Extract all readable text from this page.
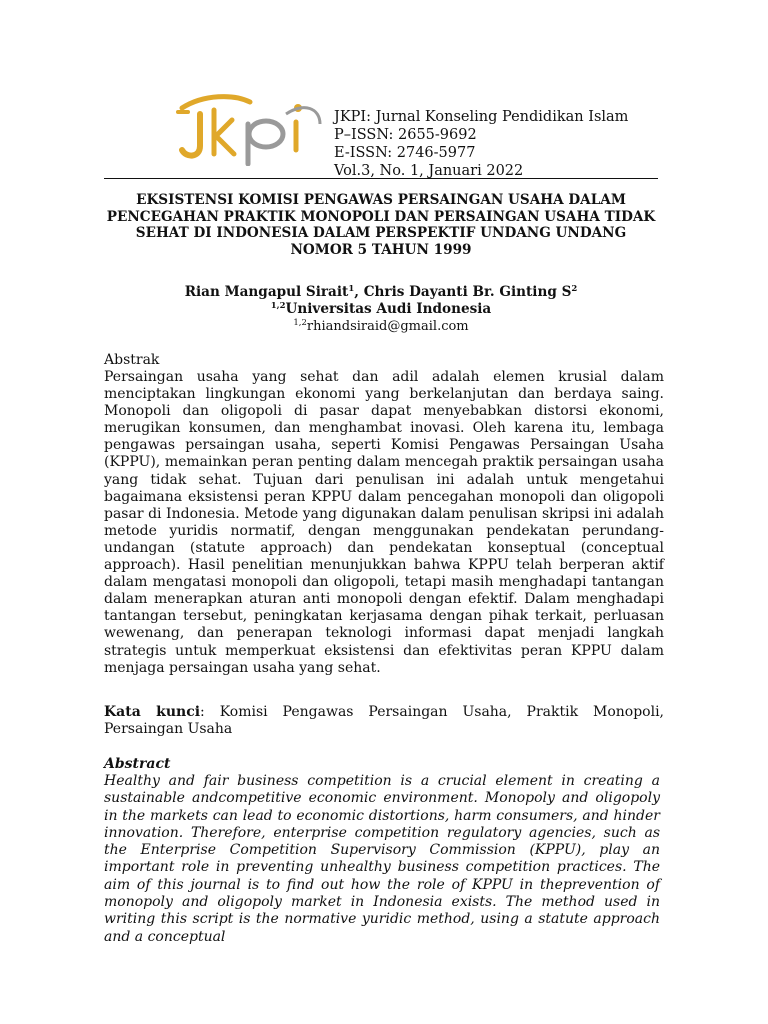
JKPI: Jurnal Konseling Pendidikan Islam
P–ISSN: 2655-9692
E-ISSN: 2746-5977
Vol.3, No. 1, Januari 2022
EKSISTENSI KOMISI PENGAWAS PERSAINGAN USAHA DALAM PENCEGAHAN PRAKTIK MONOPOLI DAN PERSAINGAN USAHA TIDAK SEHAT DI INDONESIA DALAM PERSPEKTIF UNDANG UNDANG NOMOR 5 TAHUN 1999
Rian Mangapul Sirait$^1$, Chris Dayanti Br. Ginting $S^2$
$^{1,2}$Universitas Audi Indonesia
$^{1,2}$rhiandsiraid@gmail.com
Abstrak
Persaingan usaha yang sehat dan adil adalah elemen krusial dalam menciptakan lingkungan ekonomi yang berkelanjutan dan berdaya saing. Monopoli dan oligopoli di pasar dapat menyebabkan distorsi ekonomi, merugikan konsumen, dan menghambat inovasi. Oleh karena itu, lembaga pengawas persaingan usaha, seperti Komisi Pengawas Persaingan Usaha (KPPU), memainkan peran penting dalam mencegah praktik persaingan usaha yang tidak sehat. Tujuan dari penulisan ini adalah untuk mengetahui bagaimana eksistensi peran KPPU dalam pencegahan monopoli dan oligopoli pasar di Indonesia. Metode yang digunakan dalam penulisan skripsi ini adalah metode yuridis normatif, dengan menggunakan pendekatan perundang-undangan (statute approach) dan pendekatan konseptual (conceptual approach). Hasil penelitian menunjukkan bahwa KPPU telah berperan aktif dalam mengatasi monopoli dan oligopoli, tetapi masih menghadapi tantangan dalam menerapkan aturan anti monopoli dengan efektif. Dalam menghadapi tantangan tersebut, peningkatan kerjasama dengan pihak terkait, perluasan wewenang, dan penerapan teknologi informasi dapat menjadi langkah strategis untuk memperkuat eksistensi dan efektivitas peran KPPU dalam menjaga persaingan usaha yang sehat.
Kata kunci: Komisi Pengawas Persaingan Usaha, Praktik Monopoli, Persaingan Usaha
Abstract
Healthy and fair business competition is a crucial element in creating a sustainable andcompetitive economic environment. Monopoly and oligopoly in the markets can lead to economic distortions, harm consumers, and hinder innovation. Therefore, enterprise competition regulatory agencies, such as the Enterprise Competition Supervisory Commission (KPPU), play an important role in preventing unhealthy business competition practices. The aim of this journal is to find out how the role of KPPU in theprevention of monopoly and oligopoly market in Indonesia exists. The method used in writing this script is the normative yuridic method, using a statute approach and a conceptual
